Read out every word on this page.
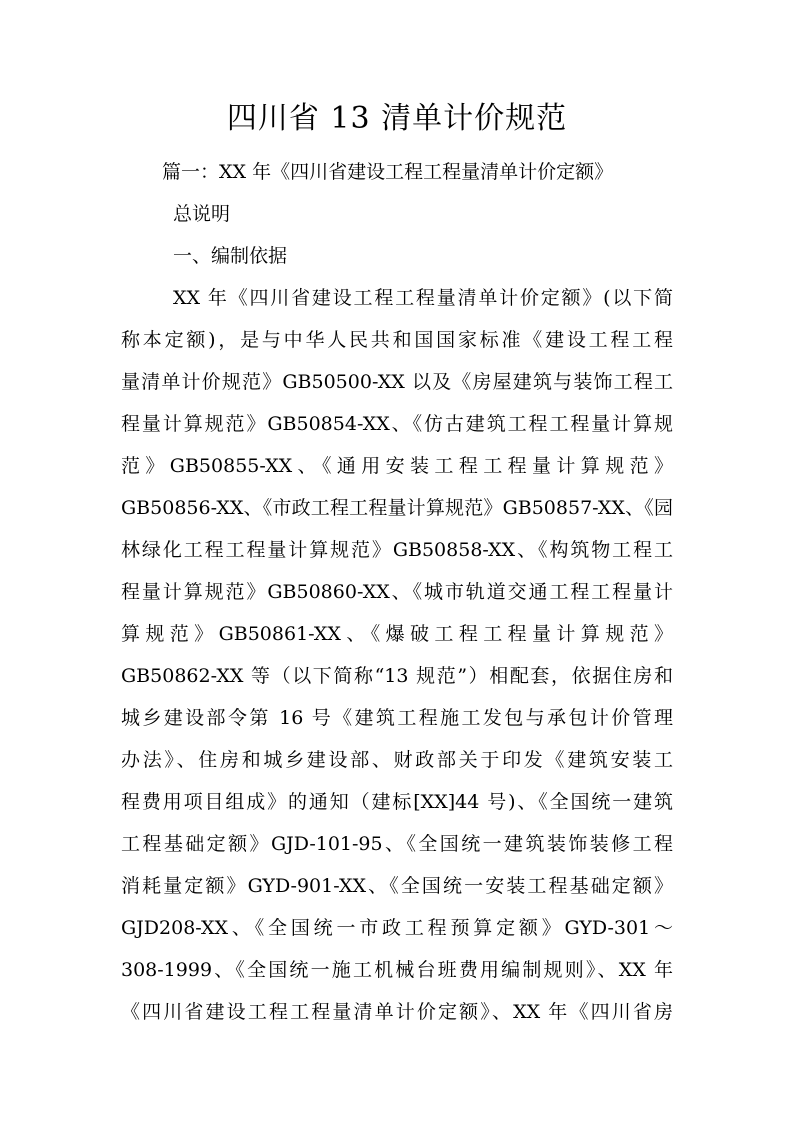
四川省 13 清单计价规范
篇一：XX 年《四川省建设工程工程量清单计价定额》
总说明
一、编制依据
XX 年《四川省建设工程工程量清单计价定额》(以下简
称本定额)，是与中华人民共和国国家标准《建设工程工程
量清单计价规范》GB50500-XX 以及《房屋建筑与装饰工程工
程量计算规范》GB50854-XX、《仿古建筑工程工程量计算规
范》GB50855-XX、《通用安装工程工程量计算规范》
GB50856-XX、《市政工程工程量计算规范》GB50857-XX、《园
林绿化工程工程量计算规范》GB50858-XX、《构筑物工程工
程量计算规范》GB50860-XX、《城市轨道交通工程工程量计
算规范》GB50861-XX、《爆破工程工程量计算规范》
GB50862-XX 等（以下简称“13 规范”）相配套，依据住房和
城乡建设部令第 16 号《建筑工程施工发包与承包计价管理
办法》、住房和城乡建设部、财政部关于印发《建筑安装工
程费用项目组成》的通知（建标[XX]44 号)、《全国统一建筑
工程基础定额》GJD-101-95、《全国统一建筑装饰装修工程
消耗量定额》GYD-901-XX、《全国统一安装工程基础定额》
GJD208-XX、《全国统一市政工程预算定额》GYD-301～
308-1999、《全国统一施工机械台班费用编制规则》、XX 年
《四川省建设工程工程量清单计价定额》、XX 年《四川省房
